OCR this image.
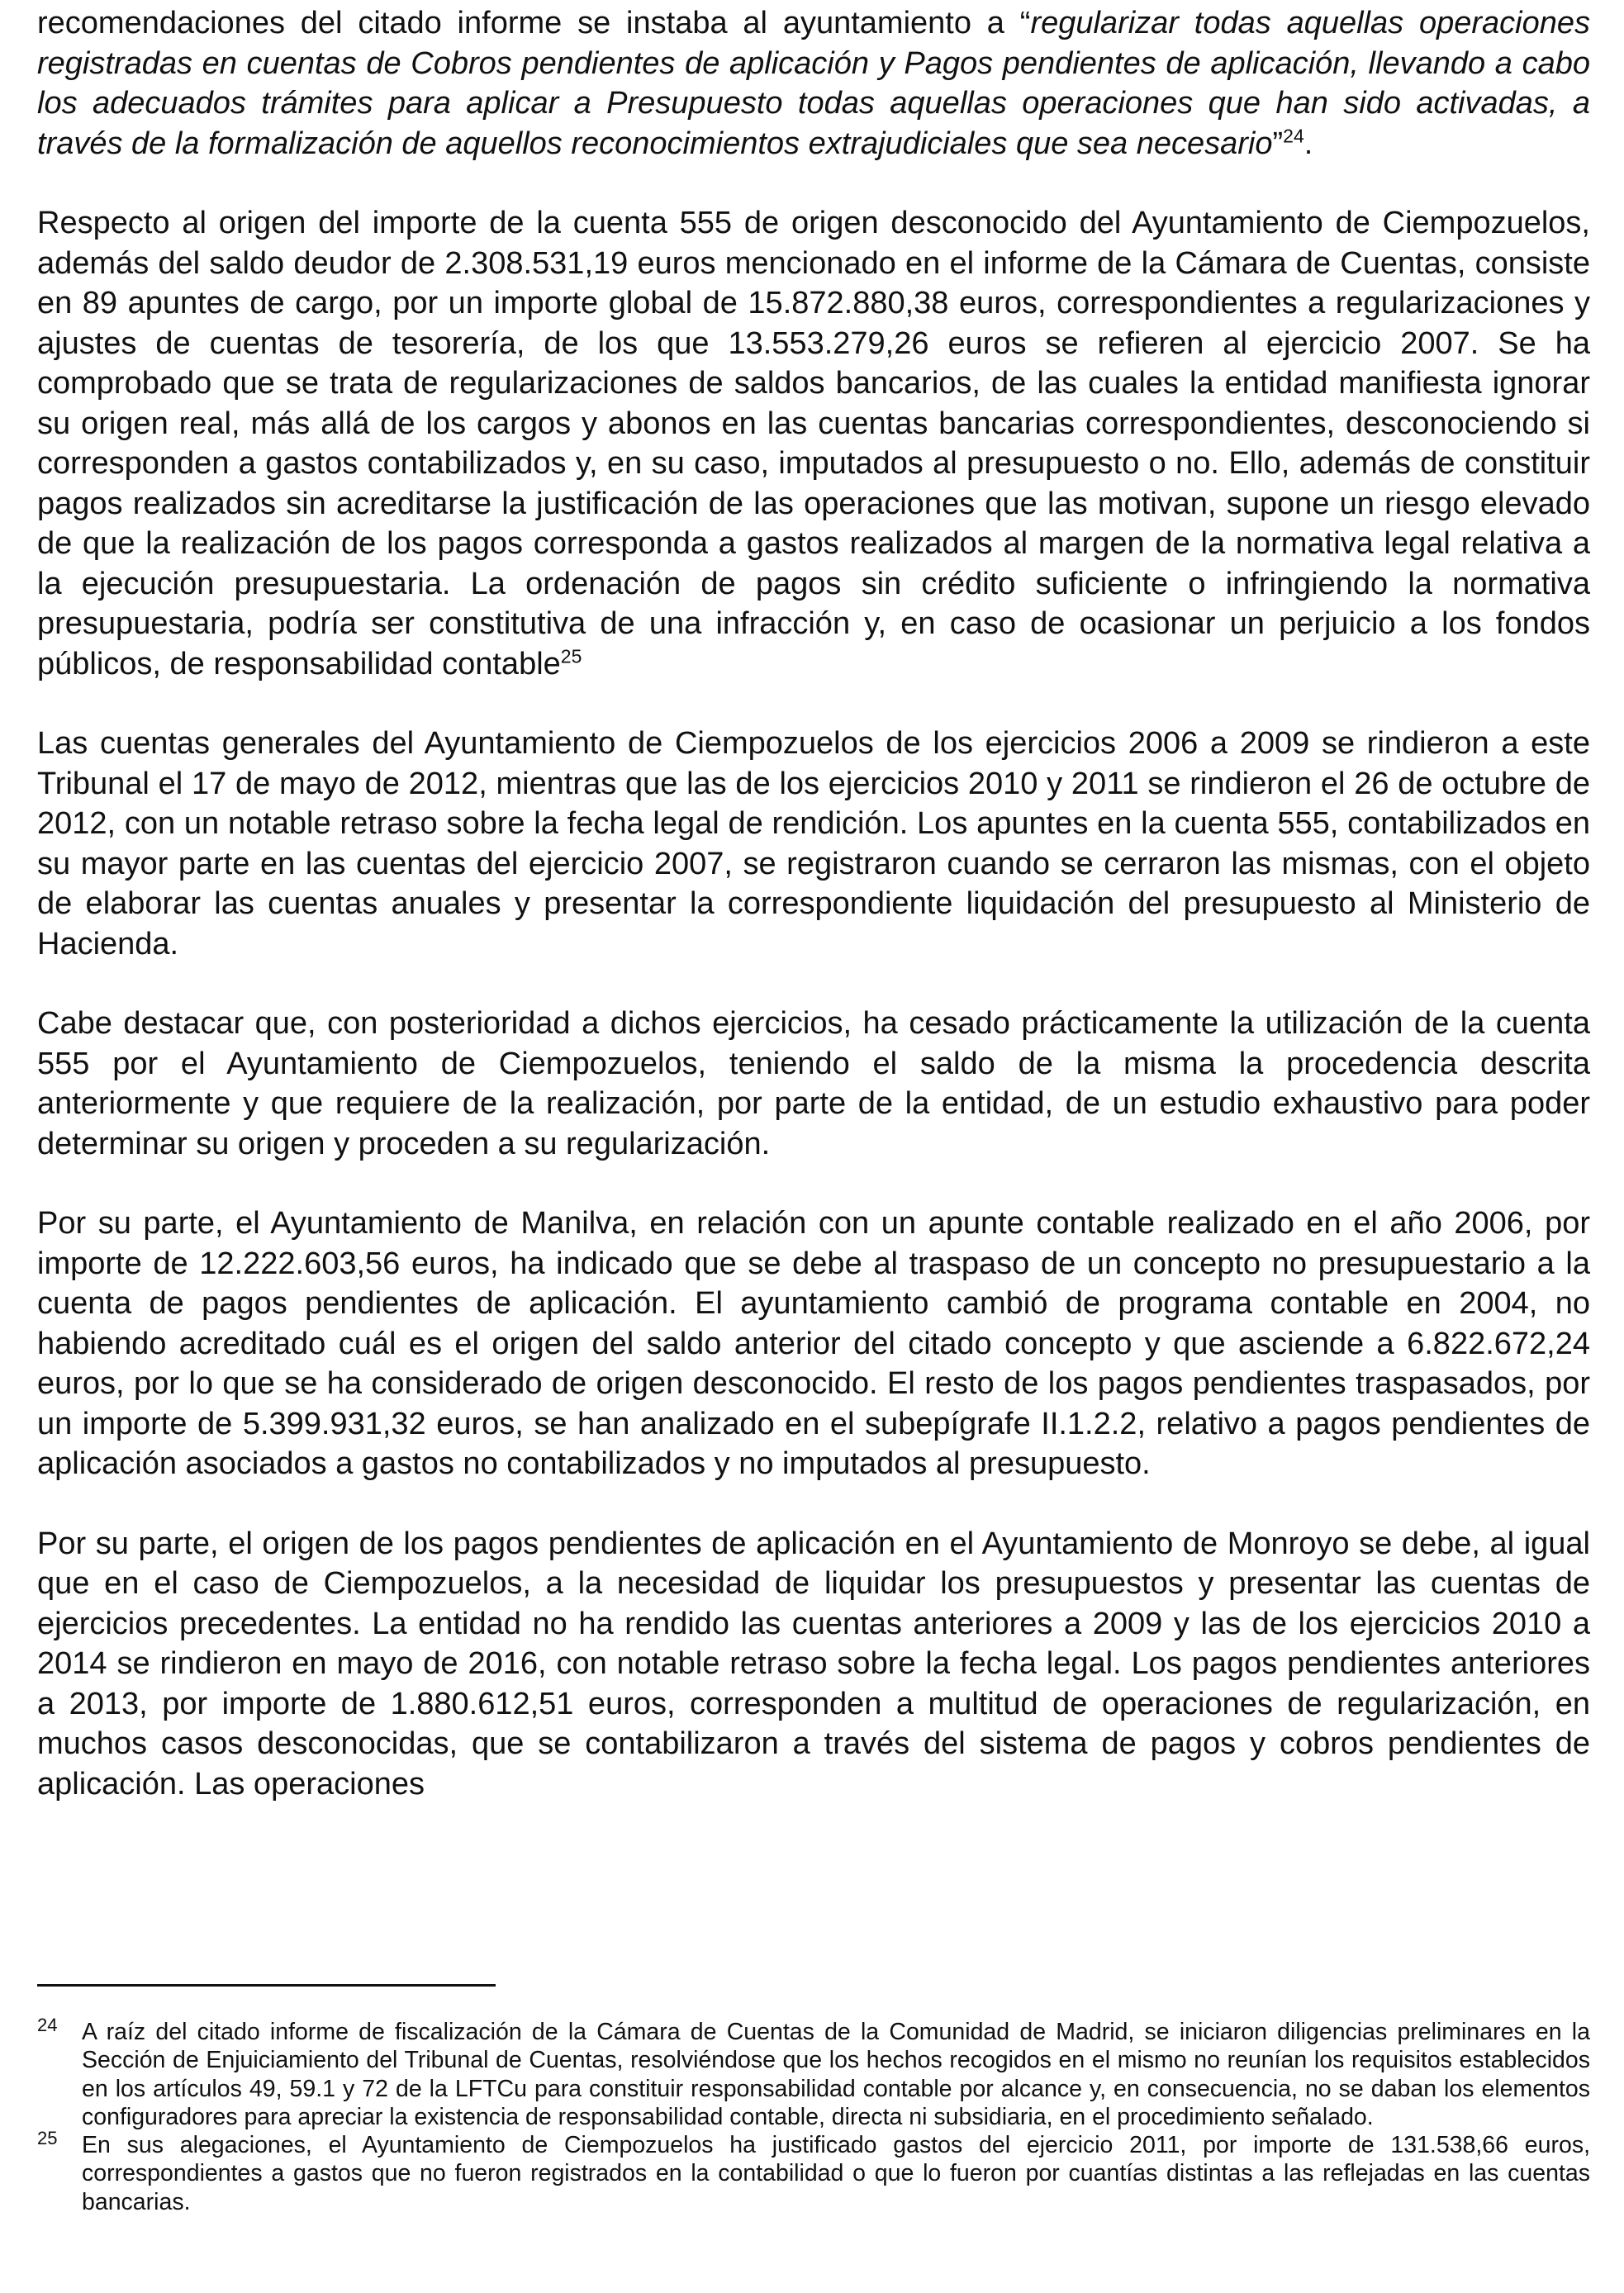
recomendaciones del citado informe se instaba al ayuntamiento a “regularizar todas aquellas operaciones registradas en cuentas de Cobros pendientes de aplicación y Pagos pendientes de aplicación, llevando a cabo los adecuados trámites para aplicar a Presupuesto todas aquellas operaciones que han sido activadas, a través de la formalización de aquellos reconocimientos extrajudiciales que sea necesario”$^{24}$.

Respecto al origen del importe de la cuenta 555 de origen desconocido del Ayuntamiento de Ciempozuelos, además del saldo deudor de 2.308.531,19 euros mencionado en el informe de la Cámara de Cuentas, consiste en 89 apuntes de cargo, por un importe global de 15.872.880,38 euros, correspondientes a regularizaciones y ajustes de cuentas de tesorería, de los que 13.553.279,26 euros se refieren al ejercicio 2007. Se ha comprobado que se trata de regularizaciones de saldos bancarios, de las cuales la entidad manifiesta ignorar su origen real, más allá de los cargos y abonos en las cuentas bancarias correspondientes, desconociendo si corresponden a gastos contabilizados y, en su caso, imputados al presupuesto o no. Ello, además de constituir pagos realizados sin acreditarse la justificación de las operaciones que las motivan, supone un riesgo elevado de que la realización de los pagos corresponda a gastos realizados al margen de la normativa legal relativa a la ejecución presupuestaria. La ordenación de pagos sin crédito suficiente o infringiendo la normativa presupuestaria, podría ser constitutiva de una infracción y, en caso de ocasionar un perjuicio a los fondos públicos, de responsabilidad contable$^{25}$

Las cuentas generales del Ayuntamiento de Ciempozuelos de los ejercicios 2006 a 2009 se rindieron a este Tribunal el 17 de mayo de 2012, mientras que las de los ejercicios 2010 y 2011 se rindieron el 26 de octubre de 2012, con un notable retraso sobre la fecha legal de rendición. Los apuntes en la cuenta 555, contabilizados en su mayor parte en las cuentas del ejercicio 2007, se registraron cuando se cerraron las mismas, con el objeto de elaborar las cuentas anuales y presentar la correspondiente liquidación del presupuesto al Ministerio de Hacienda.

Cabe destacar que, con posterioridad a dichos ejercicios, ha cesado prácticamente la utilización de la cuenta 555 por el Ayuntamiento de Ciempozuelos, teniendo el saldo de la misma la procedencia descrita anteriormente y que requiere de la realización, por parte de la entidad, de un estudio exhaustivo para poder determinar su origen y proceden a su regularización.

Por su parte, el Ayuntamiento de Manilva, en relación con un apunte contable realizado en el año 2006, por importe de 12.222.603,56 euros, ha indicado que se debe al traspaso de un concepto no presupuestario a la cuenta de pagos pendientes de aplicación. El ayuntamiento cambió de programa contable en 2004, no habiendo acreditado cuál es el origen del saldo anterior del citado concepto y que asciende a 6.822.672,24 euros, por lo que se ha considerado de origen desconocido. El resto de los pagos pendientes traspasados, por un importe de 5.399.931,32 euros, se han analizado en el subepígrafe II.1.2.2, relativo a pagos pendientes de aplicación asociados a gastos no contabilizados y no imputados al presupuesto.

Por su parte, el origen de los pagos pendientes de aplicación en el Ayuntamiento de Monroyo se debe, al igual que en el caso de Ciempozuelos, a la necesidad de liquidar los presupuestos y presentar las cuentas de ejercicios precedentes. La entidad no ha rendido las cuentas anteriores a 2009 y las de los ejercicios 2010 a 2014 se rindieron en mayo de 2016, con notable retraso sobre la fecha legal. Los pagos pendientes anteriores a 2013, por importe de 1.880.612,51 euros, corresponden a multitud de operaciones de regularización, en muchos casos desconocidas, que se contabilizaron a través del sistema de pagos y cobros pendientes de aplicación. Las operaciones

24 A raíz del citado informe de fiscalización de la Cámara de Cuentas de la Comunidad de Madrid, se iniciaron diligencias preliminares en la Sección de Enjuiciamiento del Tribunal de Cuentas, resolviéndose que los hechos recogidos en el mismo no reunían los requisitos establecidos en los artículos 49, 59.1 y 72 de la LFTCu para constituir responsabilidad contable por alcance y, en consecuencia, no se daban los elementos configuradores para apreciar la existencia de responsabilidad contable, directa ni subsidiaria, en el procedimiento señalado.
25 En sus alegaciones, el Ayuntamiento de Ciempozuelos ha justificado gastos del ejercicio 2011, por importe de 131.538,66 euros, correspondientes a gastos que no fueron registrados en la contabilidad o que lo fueron por cuantías distintas a las reflejadas en las cuentas bancarias.
